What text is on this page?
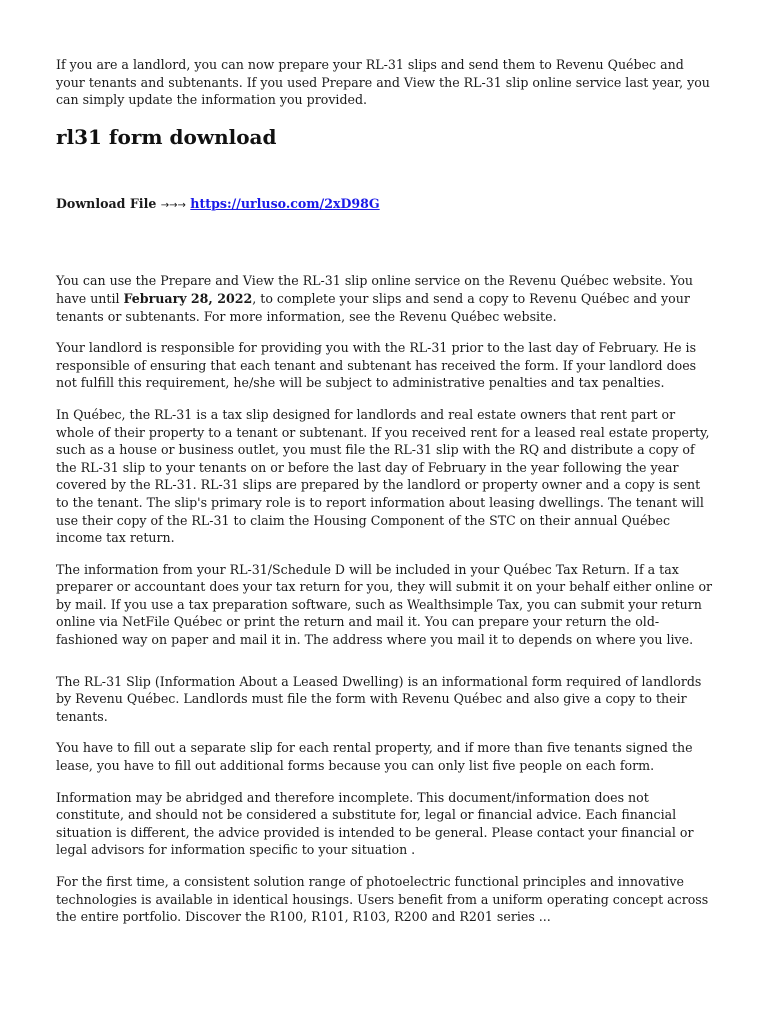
If you are a landlord, you can now prepare your RL-31 slips and send them to Revenu Québec and your tenants and subtenants. If you used Prepare and View the RL-31 slip online service last year, you can simply update the information you provided.

rl31 form download
Download File →→→ https://urluso.com/2xD98G

You can use the Prepare and View the RL-31 slip online service on the Revenu Québec website. You have until February 28, 2022, to complete your slips and send a copy to Revenu Québec and your tenants or subtenants. For more information, see the Revenu Québec website.

Your landlord is responsible for providing you with the RL-31 prior to the last day of February. He is responsible of ensuring that each tenant and subtenant has received the form. If your landlord does not fulfill this requirement, he/she will be subject to administrative penalties and tax penalties.

In Québec, the RL-31 is a tax slip designed for landlords and real estate owners that rent part or whole of their property to a tenant or subtenant. If you received rent for a leased real estate property, such as a house or business outlet, you must file the RL-31 slip with the RQ and distribute a copy of the RL-31 slip to your tenants on or before the last day of February in the year following the year covered by the RL-31. RL-31 slips are prepared by the landlord or property owner and a copy is sent to the tenant. The slip's primary role is to report information about leasing dwellings. The tenant will use their copy of the RL-31 to claim the Housing Component of the STC on their annual Québec income tax return.

The information from your RL-31/Schedule D will be included in your Québec Tax Return. If a tax preparer or accountant does your tax return for you, they will submit it on your behalf either online or by mail. If you use a tax preparation software, such as Wealthsimple Tax, you can submit your return online via NetFile Québec or print the return and mail it. You can prepare your return the old-fashioned way on paper and mail it in. The address where you mail it to depends on where you live.

The RL-31 Slip (Information About a Leased Dwelling) is an informational form required of landlords by Revenu Québec. Landlords must file the form with Revenu Québec and also give a copy to their tenants.

You have to fill out a separate slip for each rental property, and if more than five tenants signed the lease, you have to fill out additional forms because you can only list five people on each form.

Information may be abridged and therefore incomplete. This document/information does not constitute, and should not be considered a substitute for, legal or financial advice. Each financial situation is different, the advice provided is intended to be general. Please contact your financial or legal advisors for information specific to your situation .

For the first time, a consistent solution range of photoelectric functional principles and innovative technologies is available in identical housings. Users benefit from a uniform operating concept across the entire portfolio. Discover the R100, R101, R103, R200 and R201 series ...
